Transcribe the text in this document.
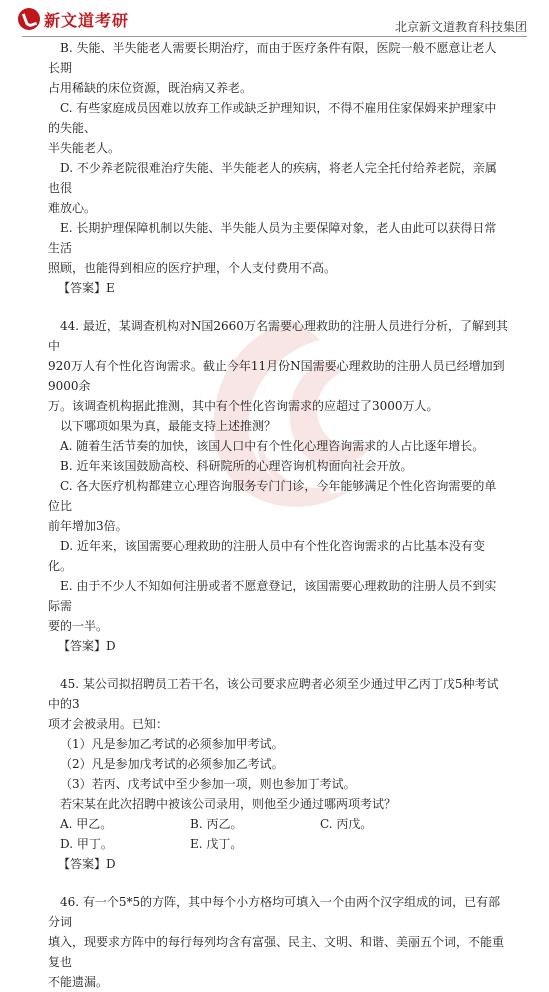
新文道考研	北京新文道教育科技集团

B. 失能、半失能老人需要长期治疗，而由于医疗条件有限，医院一般不愿意让老人长期

占用稀缺的床位资源，既治病又养老。

C. 有些家庭成员因难以放弃工作或缺乏护理知识，不得不雇用住家保姆来护理家中的失能、

半失能老人。

D. 不少养老院很难治疗失能、半失能老人的疾病，将老人完全托付给养老院，亲属也很

难放心。

E. 长期护理保障机制以失能、半失能人员为主要保障对象，老人由此可以获得日常生活

照顾，也能得到相应的医疗护理，个人支付费用不高。

【答案】E

44. 最近，某调查机构对N国2660万名需要心理救助的注册人员进行分析，了解到其中

920万人有个性化咨询需求。截止今年11月份N国需要心理救助的注册人员已经增加到9000余

万。该调查机构据此推测，其中有个性化咨询需求的应超过了3000万人。

以下哪项如果为真，最能支持上述推测？

A. 随着生活节奏的加快，该国人口中有个性化心理咨询需求的人占比逐年增长。

B. 近年来该国鼓励高校、科研院所的心理咨询机构面向社会开放。

C. 各大医疗机构都建立心理咨询服务专门门诊，今年能够满足个性化咨询需要的单位比

前年增加3倍。

D. 近年来，该国需要心理救助的注册人员中有个性化咨询需求的占比基本没有变化。

E. 由于不少人不知如何注册或者不愿意登记，该国需要心理救助的注册人员不到实际需

要的一半。

【答案】D

45. 某公司拟招聘员工若干名，该公司要求应聘者必须至少通过甲乙丙丁戊5种考试中的3

项才会被录用。已知：

（1）凡是参加乙考试的必须参加甲考试。

（2）凡是参加戊考试的必须参加乙考试。

（3）若丙、戊考试中至少参加一项，则也参加丁考试。

若宋某在此次招聘中被该公司录用，则他至少通过哪两项考试？

A. 甲乙。	B. 丙乙。	C. 丙戊。
D. 甲丁。	E. 戊丁。

【答案】D

46. 有一个5*5的方阵，其中每个小方格均可填入一个由两个汉字组成的词，已有部分词

填入，现要求方阵中的每行每列均含有富强、民主、文明、和谐、美丽五个词，不能重复也

不能遗漏。
